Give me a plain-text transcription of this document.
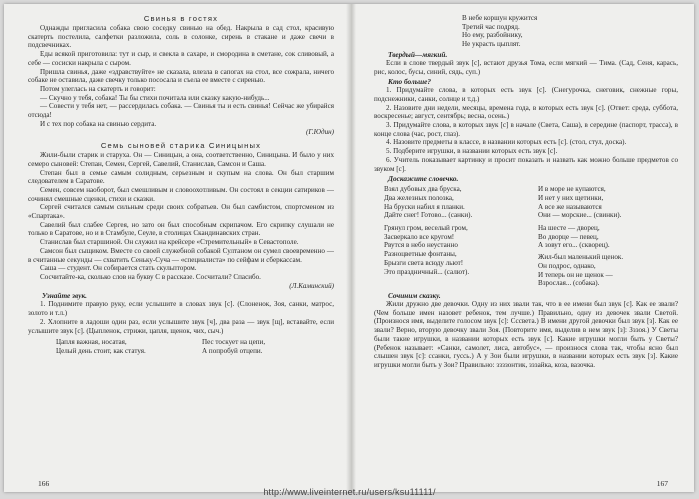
Свинья в гостях

Однажды пригласила собака свою соседку свинью на обед. Накрыла в сад стол, красивую скатерть постелила, салфетки разложила, соль в солонке, сирень в стакане и даже свечи в подсвечниках.

Еды всякой приготовила: тут и сыр, и свекла в сахаре, и смородина в сметане, сок сливовый, а себе — сосиски накрыла с сыром.

Пришла свинья, даже «здравствуйте» не сказала, влезла в сапогах на стол, все сожрала, ничего собаке не оставила, даже свечку только пососала и съела ее вместе с сиренью.

Потом улеглась на скатерть и говорит:

— Скучно у тебя, собака! Ты бы стихи почитала или сказку какую-нибудь...

— Совести у тебя нет, — рассердилась собака. — Свинья ты и есть свинья! Сейчас же убирайся отсюда!

И с тех пор собака на свинью сердита.

(Г.Юдин)

Семь сыновей старика Синицыных

Жили-были старик и старуха. Он — Синицын, а она, соответственно, Синицына. И было у них семеро сыновей: Степан, Семен, Сергей, Савелий, Станислав, Самсон и Саша.

Степан был в семье самым солидным, серьезным и скупым на слова. Он был старшим следователем в Саратове.

Семен, совсем наоборот, был смешливым и словоохотливым. Он состоял в секции сатириков — сочинял смешные сценки, стихи и сказки.

Сергей считался самым сильным среди своих собратьев. Он был самбистом, спортсменом из «Спартака».

Савелий был слабее Сергея, но зато он был способным скрипачом. Его скрипку слушали не только в Саратове, но и в Стамбуле, Сеуле, в столицах Скандинавских стран.

Станислав был старшиной. Он служил на крейсере «Стремительный» в Севастополе.

Самсон был сыщиком. Вместе со своей служебной собакой Султаном он сумел своевременно — в считанные секунды — схватить Сеньку-Суча — «специалиста» по сейфам и сберкассам.

Саша — студент. Он собирается стать скульптором.

Сосчитайте-ка, сколько слов на букву С в рассказе. Сосчитали? Спасибо.

(Л.Каминский)

Узнайте звук.

1. Поднимите правую руку, если услышите в словах звук [с]. (Слоненок, Зоя, санки, матрос, золото и т.л.)

2. Хлопните в ладоши один раз, если услышите звук [ч], два раза — звук [щ], вставайте, если услышите звук [с]. (Цыпленок, стрижи, цапля, щенок, чих, сыч.)

Цапля важная, носатая,
Целый день стоит, как статуя.
Пес тоскует на цепи,
А попробуй отцепи.
166
В небе коршун кружится
Третий час подряд.
Но ему, разбойнику,
Не украсть цыплят.
Твердый—мягкий.

Если в слове твердый звук [с], встают друзья Тома, если мягкий — Тима. (Сад, Сеня, карась, рис, колос, бусы, синий, сядь, суп.)

Кто больше?

1. Придумайте слова, в которых есть звук [с]. (Снегурочка, снеговик, снежные горы, подснежники, санки, солнце и т.д.)

2. Назовите дни недели, месяцы, времена года, в которых есть звук [с]. (Ответ: среда, суббота, воскресенье; август, сентябрь; весна, осень.)

3. Придумайте слова, в которых звук [с] в начале (Света, Саша), в середине (паспорт, трасса), в конце слова (час, рост, глаз).

4. Назовите предметы в классе, в названии которых есть [с]. (стол, стул, доска).

5. Подберите игрушки, в названии которых есть звук [с].

6. Учитель показывает картинку и просит показать и назвать как можно больше предметов со звуком [с].

Доскажите словечко.
Взял дубовых два бруска,
Два железных полозка,
На бруски набил я планки.
Дайте снег! Готово... (санки).
И в море не купаются,
И нет у них щетинки,
А все же называются
Они — морские... (свинки).
Грянул гром, веселый гром,
Засверкало все кругом!
Рвутся в небо неустанно
Разноцветные фонтаны,
Брызги света всюду льют!
Это праздничный... (салют).
На шесте — дворец,
Во дворце — певец,
А зовут его... (скворец).
Жил-был маленький щенок.
Он подрос, однако,
И теперь он не щенок —
Взрослая... (собака).
Сочиним сказку.

Жили дружно две девочки. Одну из них звали так, что в ее имени был звук [с]. Как ее звали? (Чем больше имен назовет ребенок, тем лучше.) Правильно, одну из девочек звали Светой. (Произнося имя, выделите голосом звук [с]: Сссвета.) В имени другой девочки был звук [з]. Как ее звали? Верно, вторую девочку звали Зоя. (Повторите имя, выделив в нем звук [з]: Зззоя.) У Светы были такие игрушки, в названии которых есть звук [с]. Какие игрушки могли быть у Светы? (Ребенок называет: «Санки, самолет, лиса, автобус», — произнося слова так, чтобы ясно был слышен звук [с]: ссанки, гуссь.) А у Зои были игрушки, в названии которых есть звук [з]. Какие игрушки могли быть у Зои? Правильно: ззззонтик, зззайка, коза, вазочка.

167
http://www.liveinternet.ru/users/ksu11111/
